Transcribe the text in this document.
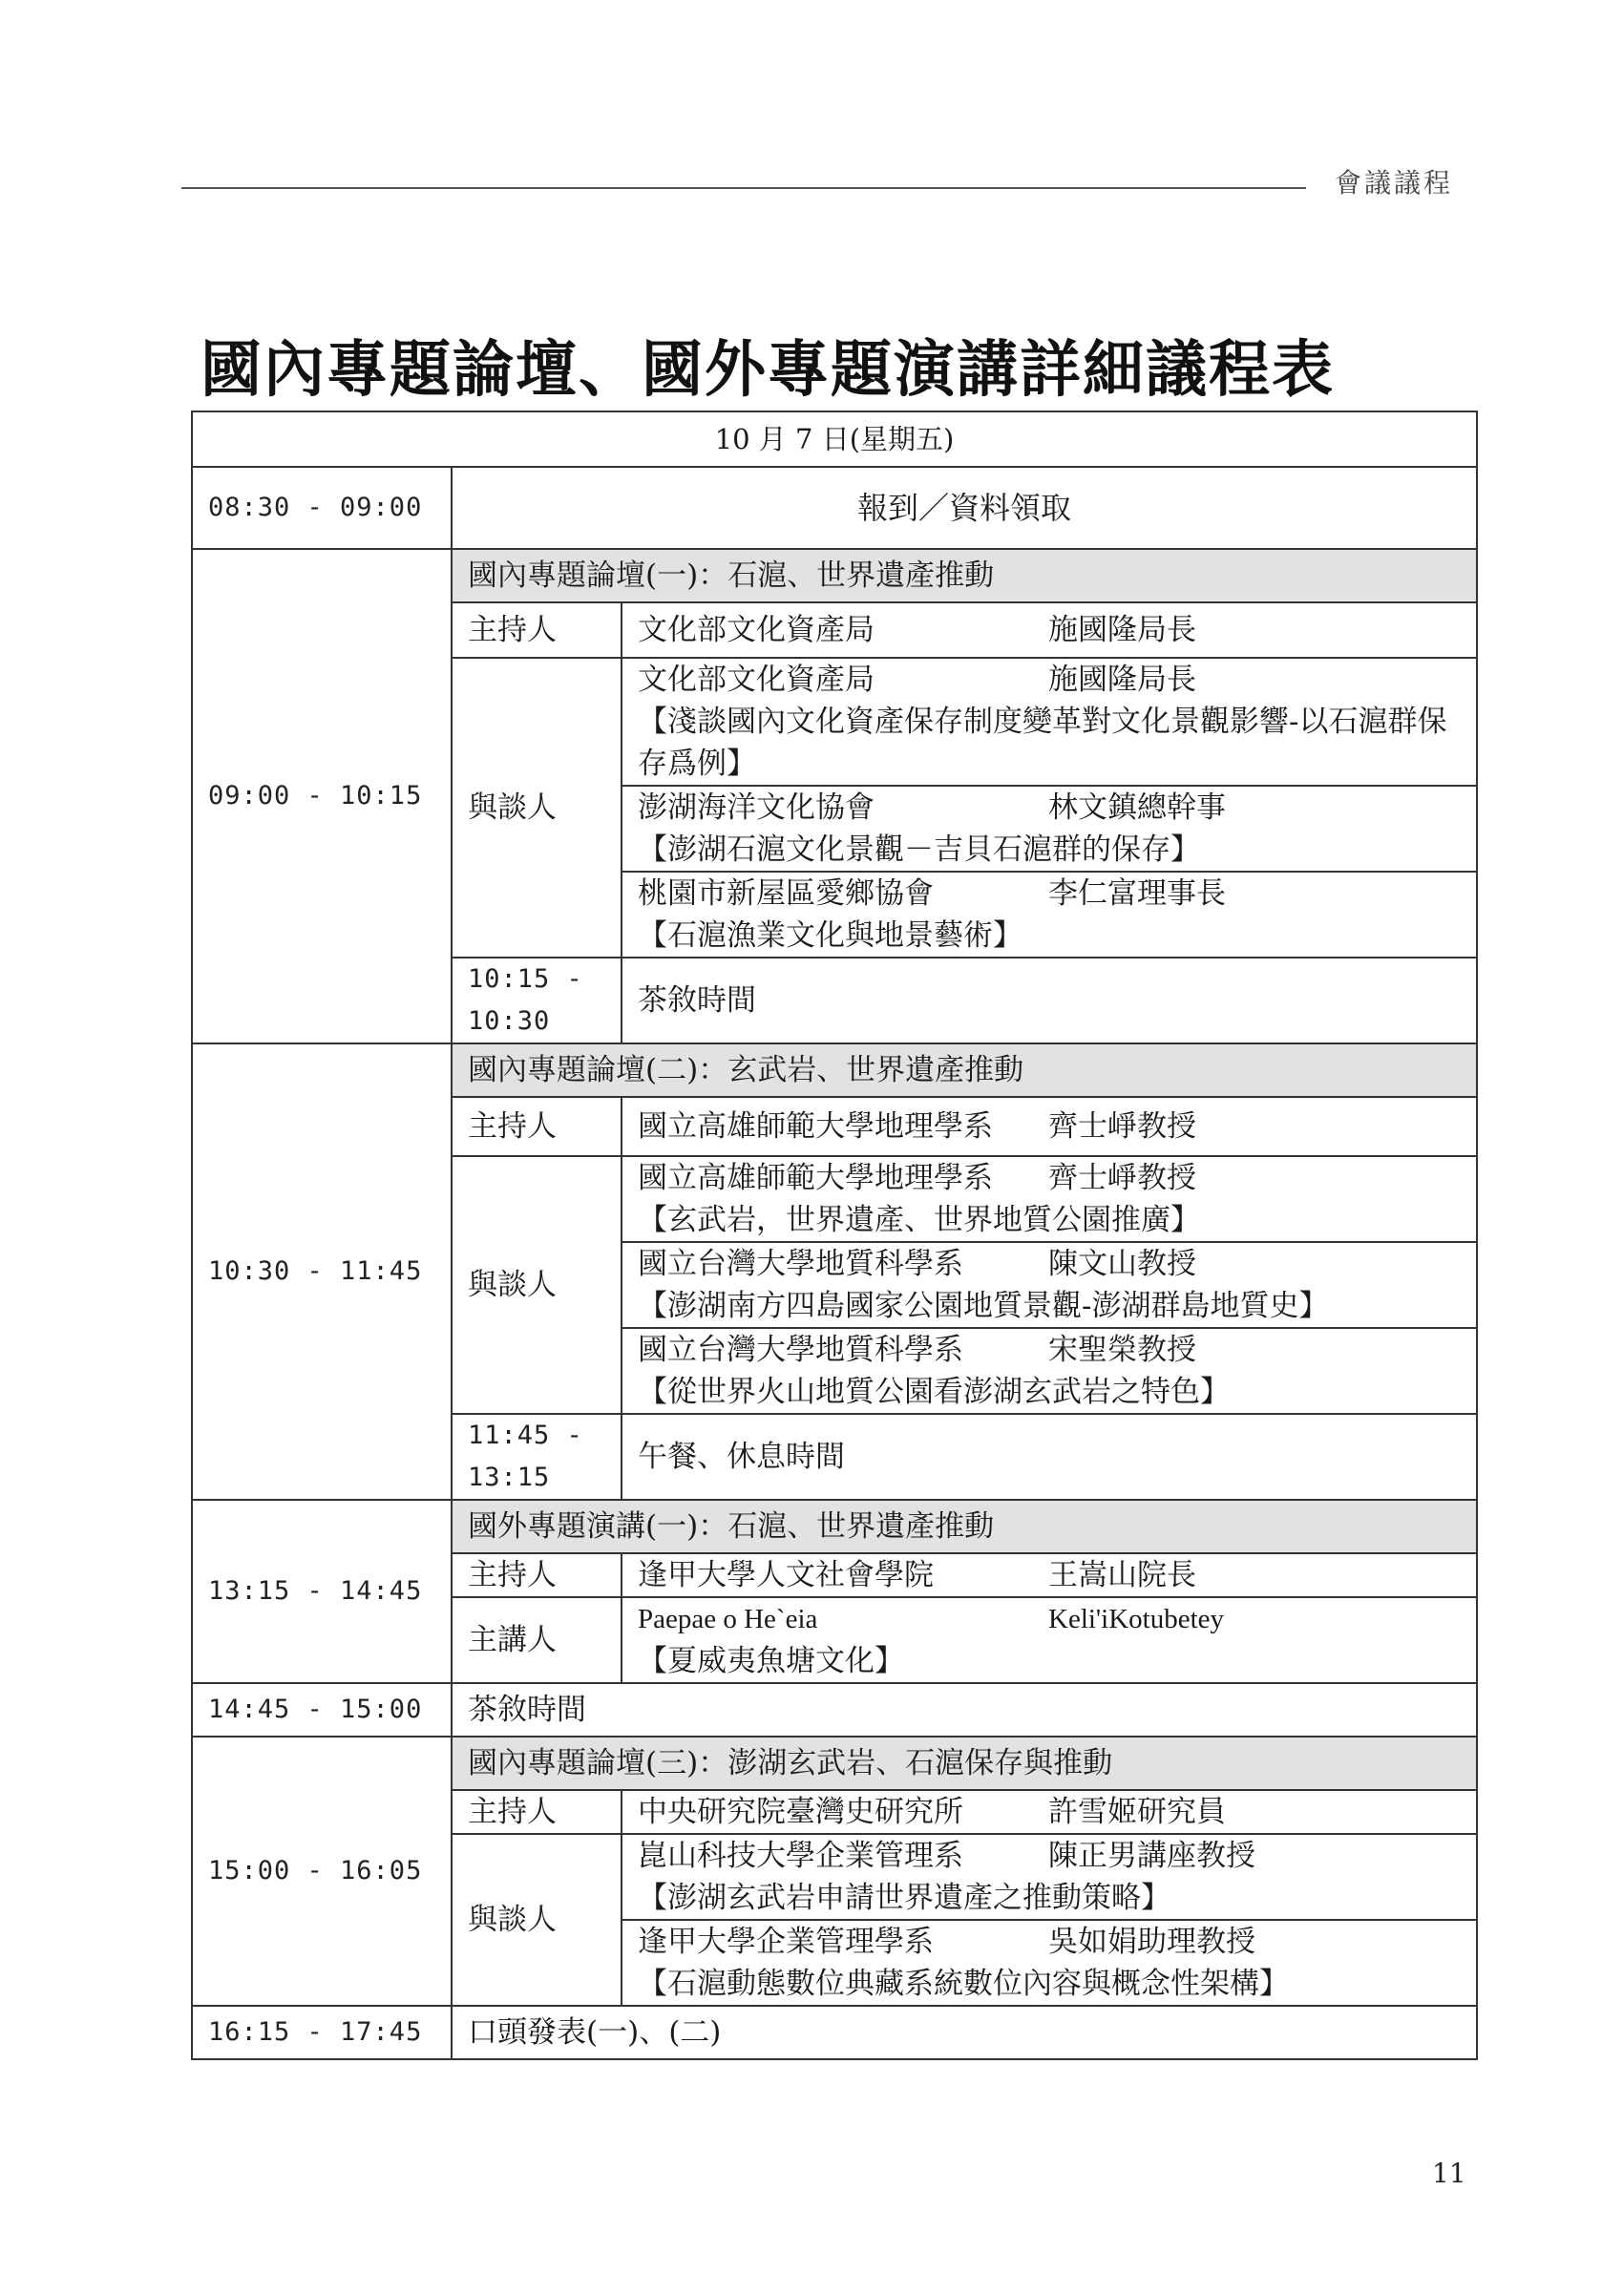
會議議程
國內專題論壇、國外專題演講詳細議程表
10 月 7 日(星期五)		
08:30 - 09:00	報到／資料領取	
09:00 - 10:15	國內專題論壇(一)：石滬、世界遺產推動	
	主持人	文化部文化資產局 施國隆局長

	與談人	文化部文化資產局 施國隆局長
【淺談國內文化資產保存制度變革對文化景觀影響-以石滬群保存爲例】

		澎湖海洋文化協會 林文鎮總幹事
【澎湖石滬文化景觀－吉貝石滬群的保存】

		桃園市新屋區愛鄉協會 李仁富理事長
【石滬漁業文化與地景藝術】

	10:15 - 10:30	茶敘時間
10:30 - 11:45	國內專題論壇(二)：玄武岩、世界遺產推動	
	主持人	國立高雄師範大學地理學系 齊士崢教授

	與談人	國立高雄師範大學地理學系 齊士崢教授
【玄武岩，世界遺產、世界地質公園推廣】

		國立台灣大學地質科學系 陳文山教授
【澎湖南方四島國家公園地質景觀-澎湖群島地質史】

		國立台灣大學地質科學系 宋聖榮教授
【從世界火山地質公園看澎湖玄武岩之特色】

	11:45 - 13:15	午餐、休息時間
13:15 - 14:45	國外專題演講(一)：石滬、世界遺產推動	
	主持人	逢甲大學人文社會學院 王嵩山院長

	主講人	Paepae o He`eia Keli'iKotubetey
【夏威夷魚塘文化】

14:45 - 15:00	茶敘時間	
15:00 - 16:05	國內專題論壇(三)：澎湖玄武岩、石滬保存與推動	
	主持人	中央研究院臺灣史研究所 許雪姬研究員

	與談人	崑山科技大學企業管理系 陳正男講座教授
【澎湖玄武岩申請世界遺產之推動策略】

		逢甲大學企業管理學系 吳如娟助理教授
【石滬動態數位典藏系統數位內容與概念性架構】

16:15 - 17:45	口頭發表(一)、(二)	
11
